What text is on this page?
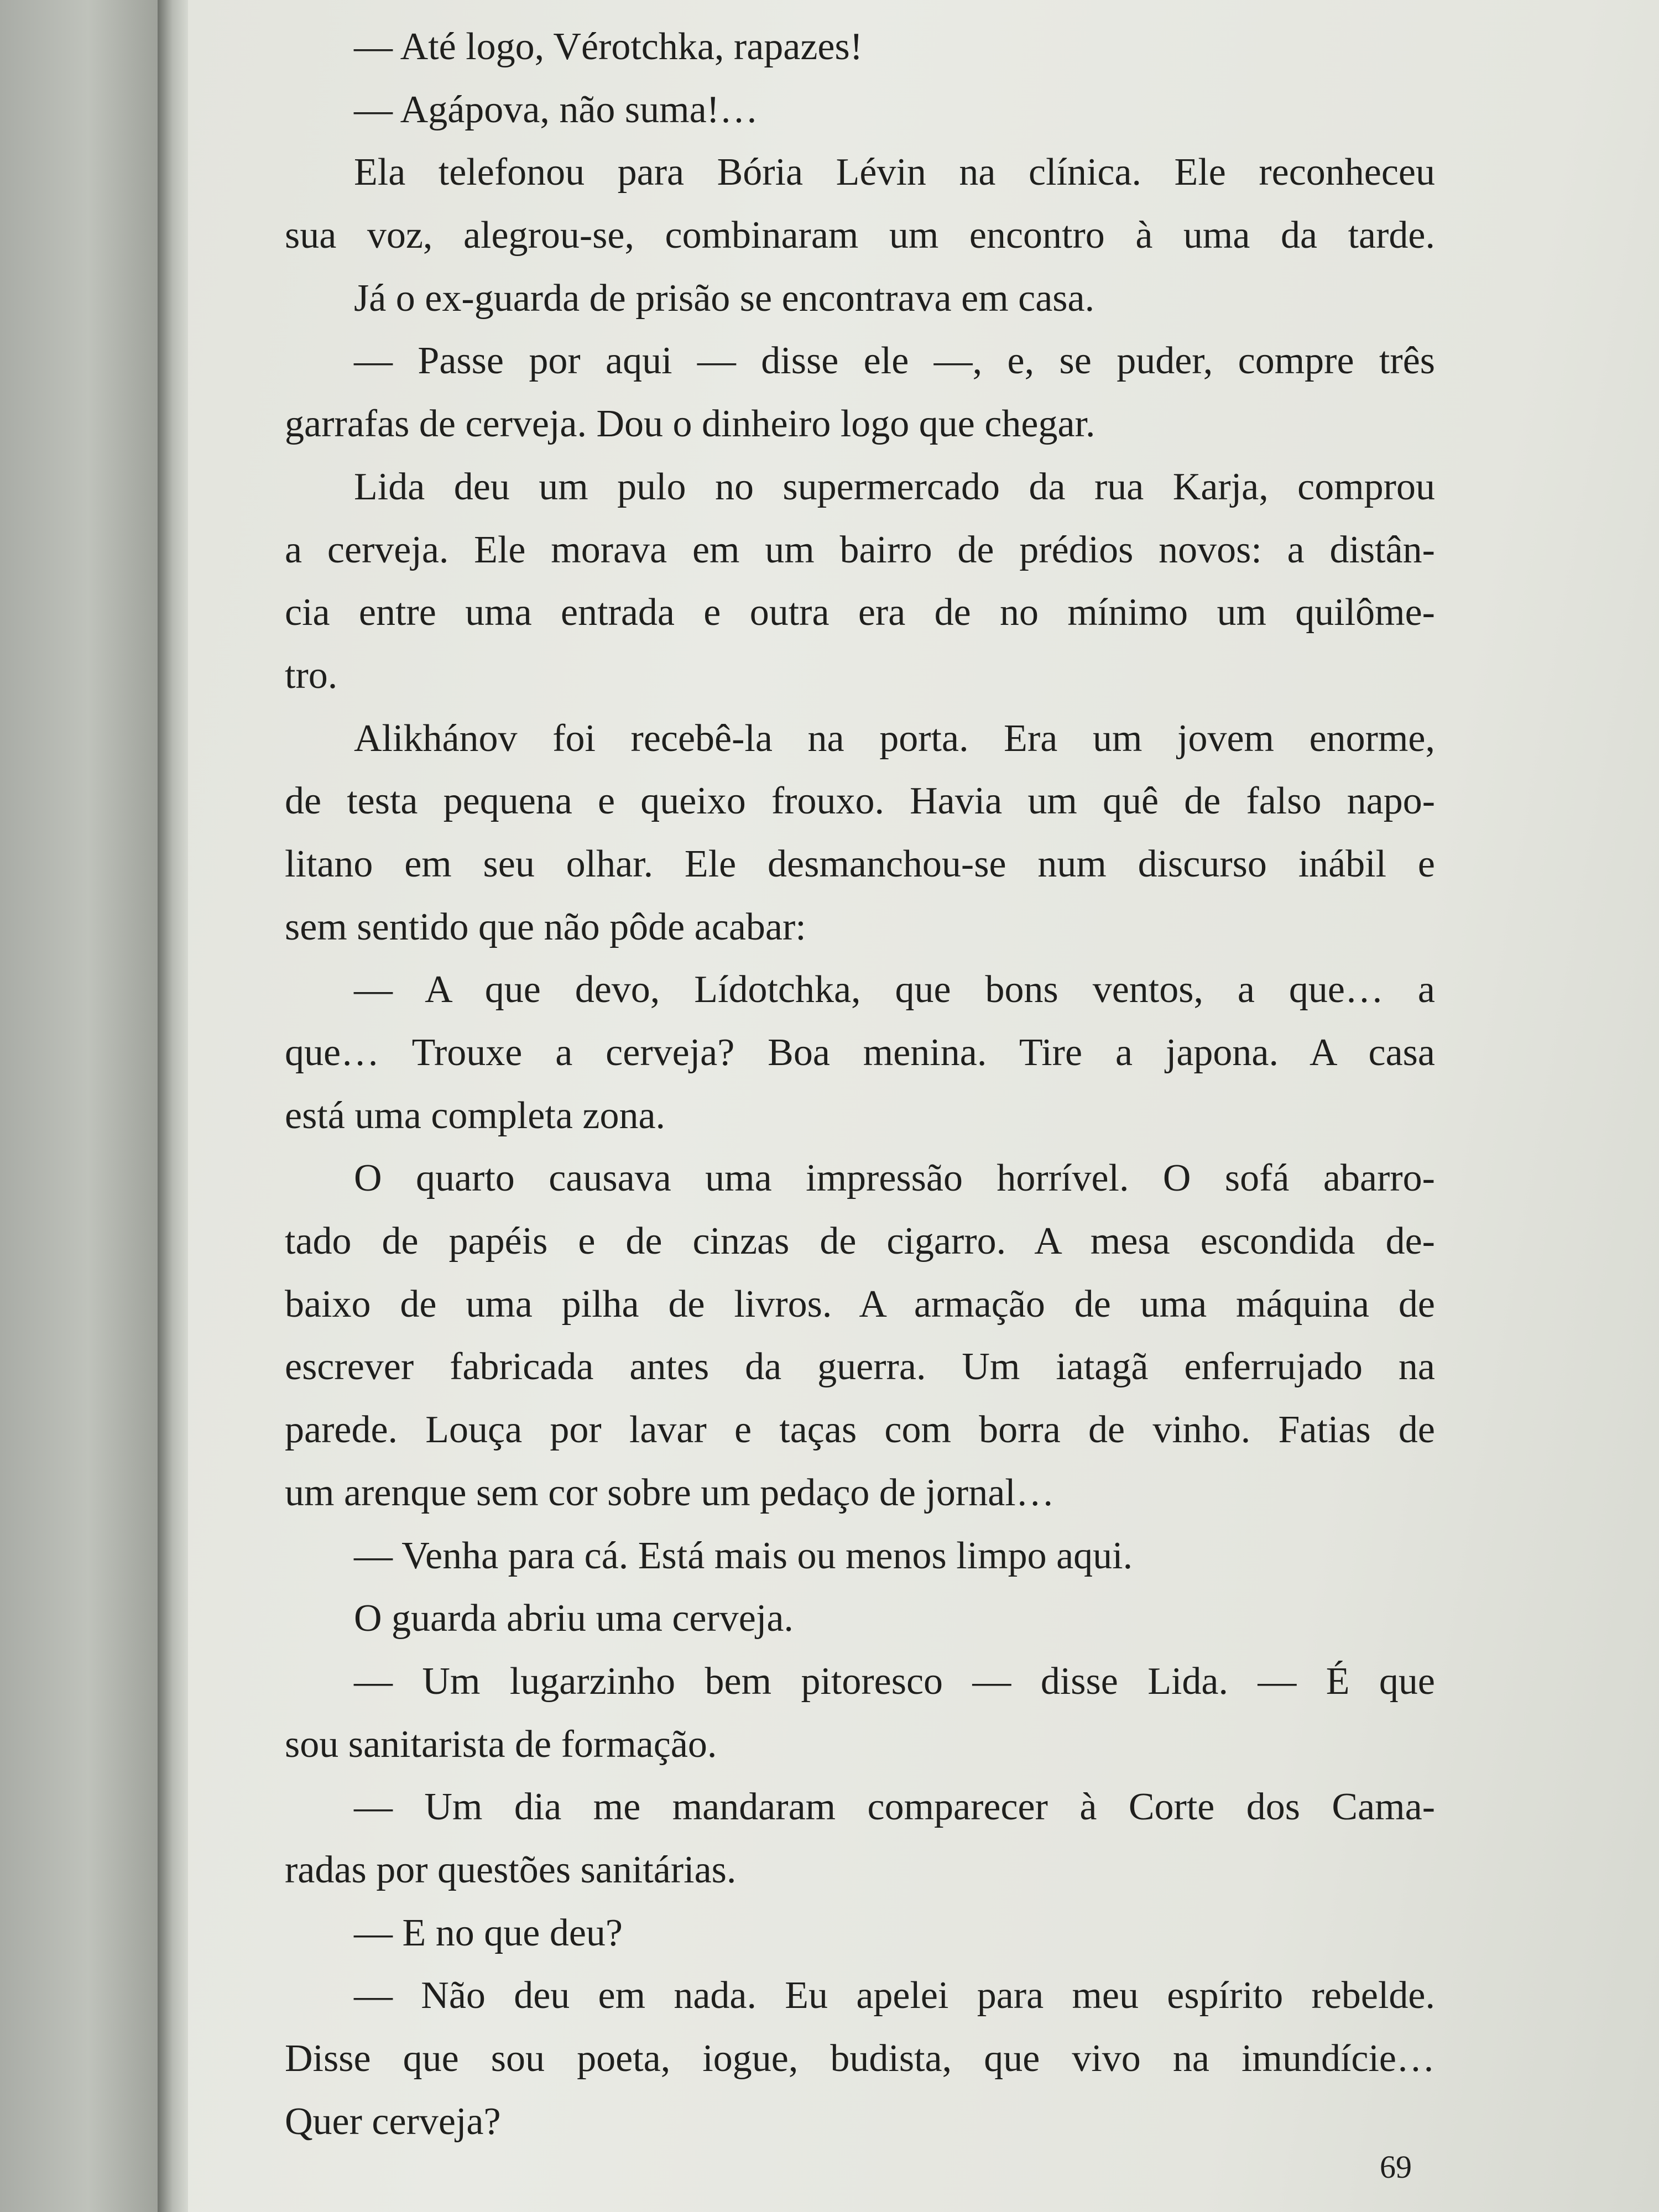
— Até logo, Vérotchka, rapazes!
— Agápova, não suma!…
Ela telefonou para Bória Lévin na clínica. Ele reconheceu
sua voz, alegrou-se, combinaram um encontro à uma da tarde.
Já o ex-guarda de prisão se encontrava em casa.
— Passe por aqui — disse ele —, e, se puder, compre três
garrafas de cerveja. Dou o dinheiro logo que chegar.
Lida deu um pulo no supermercado da rua Karja, comprou
a cerveja. Ele morava em um bairro de prédios novos: a distân-
cia entre uma entrada e outra era de no mínimo um quilôme-
tro.
Alikhánov foi recebê-la na porta. Era um jovem enorme,
de testa pequena e queixo frouxo. Havia um quê de falso napo-
litano em seu olhar. Ele desmanchou-se num discurso inábil e
sem sentido que não pôde acabar:
— A que devo, Lídotchka, que bons ventos, a que… a
que… Trouxe a cerveja? Boa menina. Tire a japona. A casa
está uma completa zona.
O quarto causava uma impressão horrível. O sofá abarro-
tado de papéis e de cinzas de cigarro. A mesa escondida de-
baixo de uma pilha de livros. A armação de uma máquina de
escrever fabricada antes da guerra. Um iatagã enferrujado na
parede. Louça por lavar e taças com borra de vinho. Fatias de
um arenque sem cor sobre um pedaço de jornal…
— Venha para cá. Está mais ou menos limpo aqui.
O guarda abriu uma cerveja.
— Um lugarzinho bem pitoresco — disse Lida. — É que
sou sanitarista de formação.
— Um dia me mandaram comparecer à Corte dos Cama-
radas por questões sanitárias.
— E no que deu?
— Não deu em nada. Eu apelei para meu espírito rebelde.
Disse que sou poeta, iogue, budista, que vivo na imundície…
Quer cerveja?
69
